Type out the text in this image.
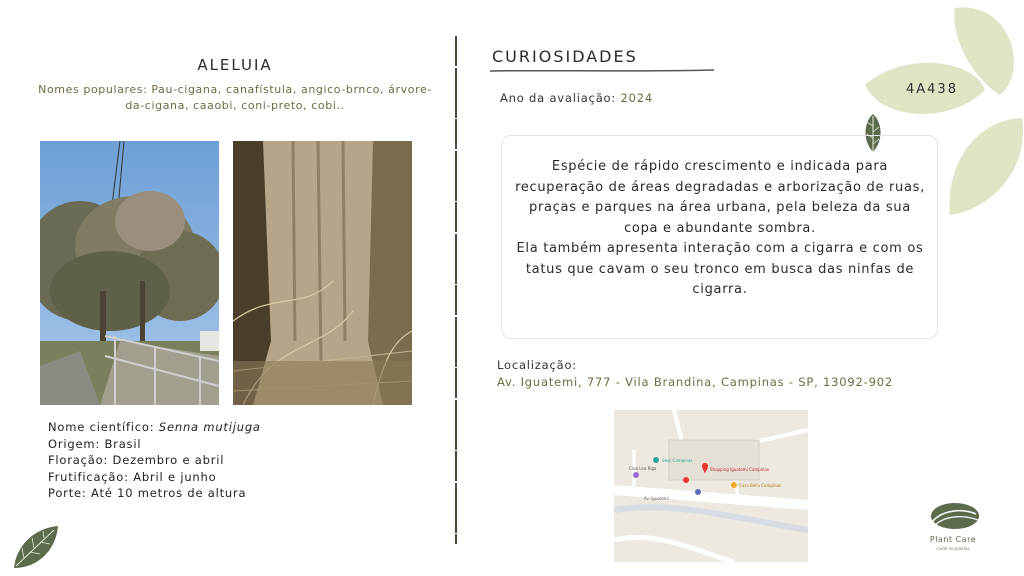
ALELUIA
Nomes populares: Pau-cigana, canafístula, angico-brnco, árvore-da-cigana, caaobi, coni-preto, cobi..
Nome científico: Senna mutijuga
Origem: Brasil
Floração: Dezembro e abril
Frutificação: Abril e junho
Porte: Até 10 metros de altura
CURIOSIDADES
Ano da avaliação: 2024
4A438
Espécie de rápido crescimento e indicada para recuperação de áreas degradadas e arborização de ruas, praças e parques na área urbana, pela beleza da sua copa e abundante sombra.
Ela também apresenta interação com a cigarra e com os tatus que cavam o seu tronco em busca das ninfas de cigarra.
Localização:
Av. Iguatemi, 777 - Vila Brandina, Campinas - SP, 13092-902
Sesc Campinas
Club Leo Riga	Shopping Iguatemi Campinas
Casa Bella Campinas
Av. Iguatemi
Plant Care
cuide de plantas
